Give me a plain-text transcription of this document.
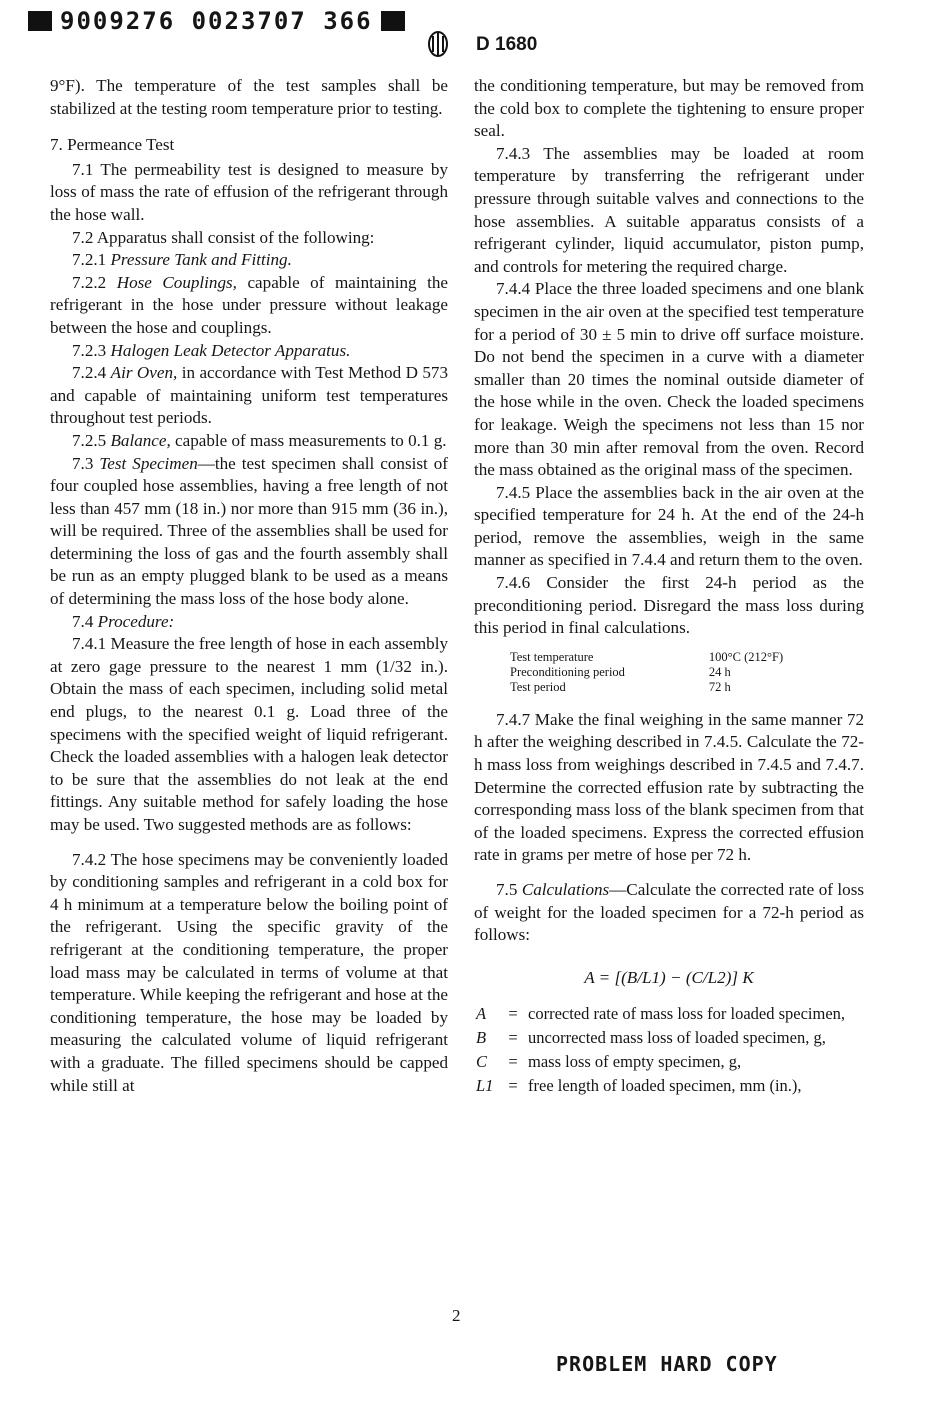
9009276 0023707 366
D 1680

9°F). The temperature of the test samples shall be stabilized at the testing room temperature prior to testing.

7. Permeance Test

7.1 The permeability test is designed to measure by loss of mass the rate of effusion of the refrigerant through the hose wall.

7.2 Apparatus shall consist of the following:

7.2.1 Pressure Tank and Fitting.

7.2.2 Hose Couplings, capable of maintaining the refrigerant in the hose under pressure without leakage between the hose and couplings.

7.2.3 Halogen Leak Detector Apparatus.

7.2.4 Air Oven, in accordance with Test Method D 573 and capable of maintaining uniform test temperatures throughout test periods.

7.2.5 Balance, capable of mass measurements to 0.1 g.

7.3 Test Specimen—the test specimen shall consist of four coupled hose assemblies, having a free length of not less than 457 mm (18 in.) nor more than 915 mm (36 in.), will be required. Three of the assemblies shall be used for determining the loss of gas and the fourth assembly shall be run as an empty plugged blank to be used as a means of determining the mass loss of the hose body alone.

7.4 Procedure:

7.4.1 Measure the free length of hose in each assembly at zero gage pressure to the nearest 1 mm (1/32 in.). Obtain the mass of each specimen, including solid metal end plugs, to the nearest 0.1 g. Load three of the specimens with the specified weight of liquid refrigerant. Check the loaded assemblies with a halogen leak detector to be sure that the assemblies do not leak at the end fittings. Any suitable method for safely loading the hose may be used. Two suggested methods are as follows:

7.4.2 The hose specimens may be conveniently loaded by conditioning samples and refrigerant in a cold box for 4 h minimum at a temperature below the boiling point of the refrigerant. Using the specific gravity of the refrigerant at the conditioning temperature, the proper load mass may be calculated in terms of volume at that temperature. While keeping the refrigerant and hose at the conditioning temperature, the hose may be loaded by measuring the calculated volume of liquid refrigerant with a graduate. The filled specimens should be capped while still at

the conditioning temperature, but may be removed from the cold box to complete the tightening to ensure proper seal.

7.4.3 The assemblies may be loaded at room temperature by transferring the refrigerant under pressure through suitable valves and connections to the hose assemblies. A suitable apparatus consists of a refrigerant cylinder, liquid accumulator, piston pump, and controls for metering the required charge.

7.4.4 Place the three loaded specimens and one blank specimen in the air oven at the specified test temperature for a period of 30 ± 5 min to drive off surface moisture. Do not bend the specimen in a curve with a diameter smaller than 20 times the nominal outside diameter of the hose while in the oven. Check the loaded specimens for leakage. Weigh the specimens not less than 15 nor more than 30 min after removal from the oven. Record the mass obtained as the original mass of the specimen.

7.4.5 Place the assemblies back in the air oven at the specified temperature for 24 h. At the end of the 24-h period, remove the assemblies, weigh in the same manner as specified in 7.4.4 and return them to the oven.

7.4.6 Consider the first 24-h period as the preconditioning period. Disregard the mass loss during this period in final calculations.

Test temperature	100°C (212°F)
Preconditioning period	24 h
Test period	72 h

7.4.7 Make the final weighing in the same manner 72 h after the weighing described in 7.4.5. Calculate the 72-h mass loss from weighings described in 7.4.5 and 7.4.7. Determine the corrected effusion rate by subtracting the corresponding mass loss of the blank specimen from that of the loaded specimens. Express the corrected effusion rate in grams per metre of hose per 72 h.

7.5 Calculations—Calculate the corrected rate of loss of weight for the loaded specimen for a 72-h period as follows:

A = [(B/L1) − (C/L2)] K
A	=	corrected rate of mass loss for loaded specimen,
B	=	uncorrected mass loss of loaded specimen, g,
C	=	mass loss of empty specimen, g,
L1	=	free length of loaded specimen, mm (in.),
2
PROBLEM HARD COPY
